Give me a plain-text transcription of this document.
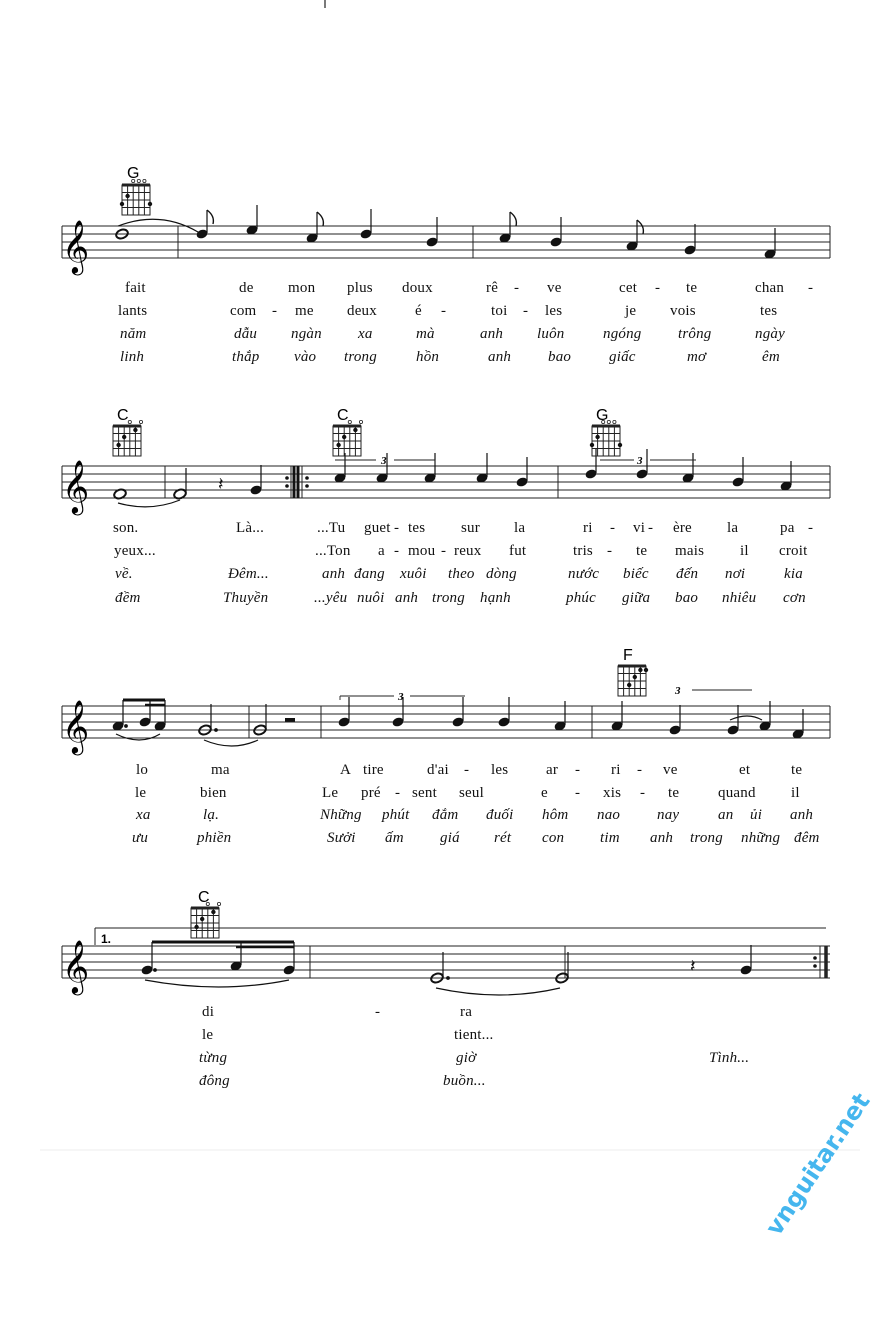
𝄞
G
𝄞	𝄽
3	3
C	C	G
𝄞
3	3
F
1.
𝄞	𝄽
C
fait	de mon plus doux	rê - ve	cet - te	chan -
lants	com - me deux	é -	toi - les	je vois	tes
năm	dẫu ngàn xa	mà	anh luôn	ngóng trông	ngày
linh	thắp vào trong	hồn	anh bao	giấc	mơ	êm
son.	Là...	...Tu guet - tes sur la	ri - vi - ère la	pa -
yeux...	...Ton a - mou - reux fut	tris - te mais il croit
về.	Đêm...	anh đang xuôi theo dòng	nước biếc đến nơi	kia
đềm	Thuyền	...yêu nuôi anh trong hạnh	phúc giữa bao nhiêu cơn
lo	ma	A tire	d'ai - les	ar - ri - ve	et	te
le	bien	Le pré - sent seul	e - xis - te	quand il
xa	lạ.	Những phút đắm đuối hôm nao nay	an ủi anh
ưu	phiền	Sưởi ấm giá rét con tim anh trong những đêm
di	-	ra
le	tient...
từng	giờ	Tình...
đông	buồn...
vnguitar.net
